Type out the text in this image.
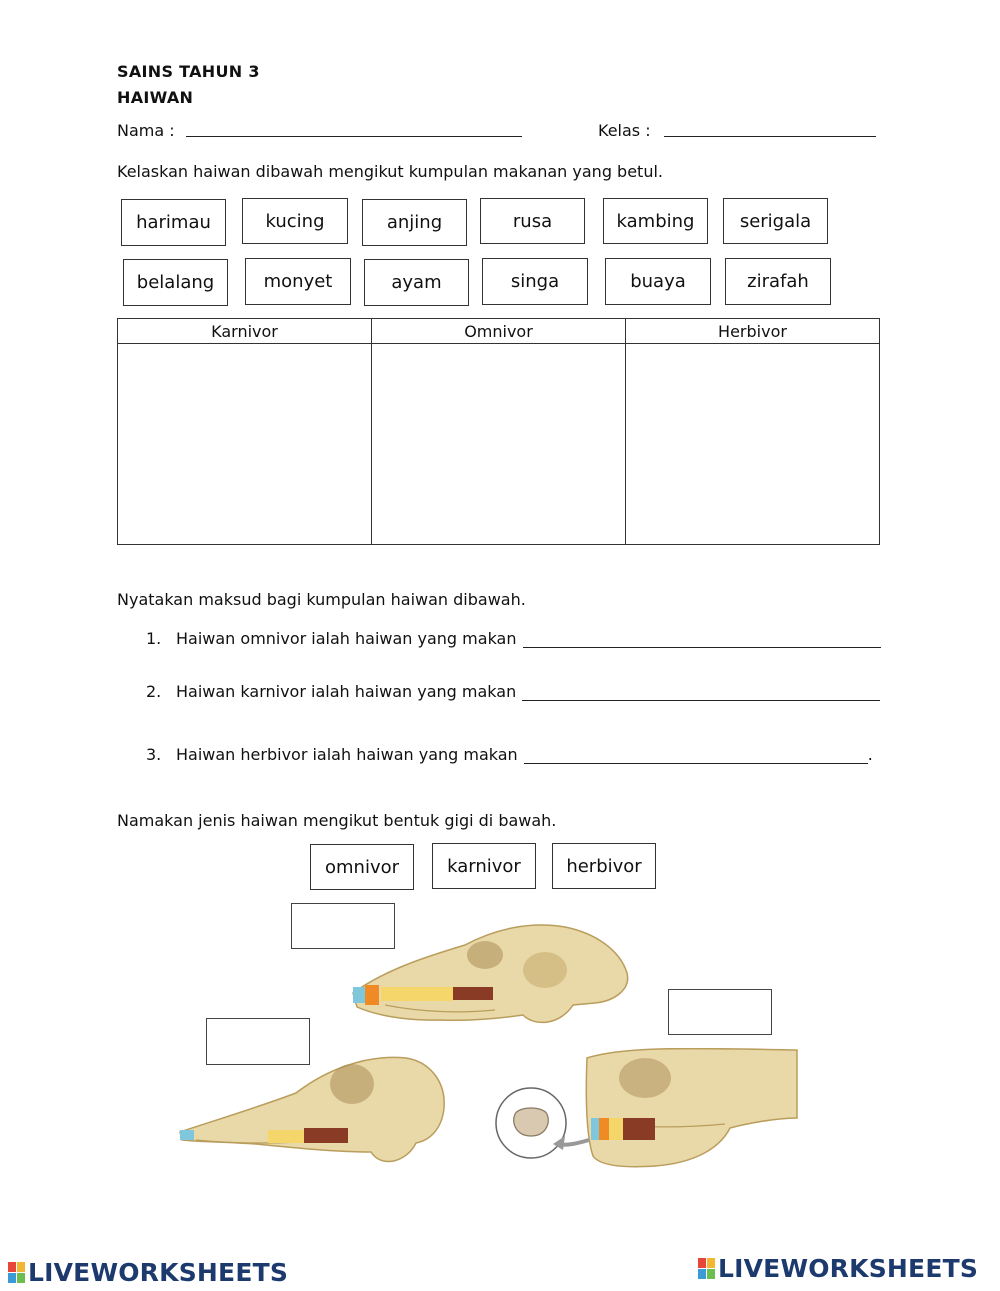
SAINS TAHUN 3
HAIWAN
Nama :	Kelas :
Kelaskan haiwan dibawah mengikut kumpulan makanan yang betul.
harimau	kucing	anjing	rusa	kambing	serigala
belalang	monyet	ayam	singa	buaya	zirafah
Karnivor	Omnivor	Herbivor

Nyatakan maksud bagi kumpulan haiwan dibawah.
1. Haiwan omnivor ialah haiwan yang makan
2. Haiwan karnivor ialah haiwan yang makan
3. Haiwan herbivor ialah haiwan yang makan	.
Namakan jenis haiwan mengikut bentuk gigi di bawah.
omnivor	karnivor	herbivor
LIVEWORKSHEETS	LIVEWORKSHEETS
